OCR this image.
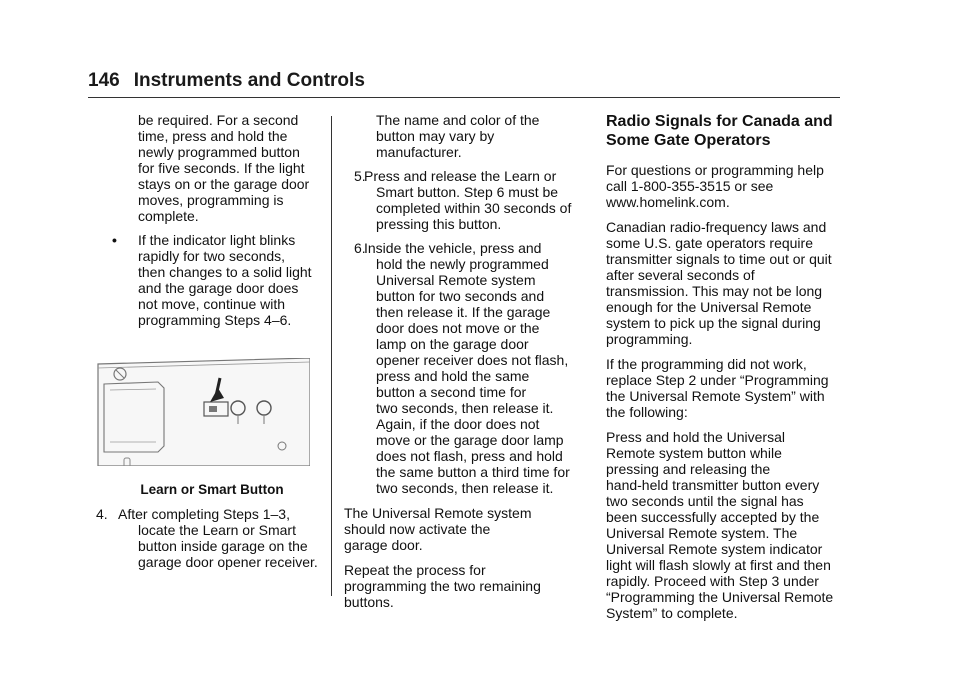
146 Instruments and Controls
be required. For a second
time, press and hold the
newly programmed button
for five seconds. If the light
stays on or the garage door
moves, programming is
complete.
• If the indicator light blinks
rapidly for two seconds,
then changes to a solid light
and the garage door does
not move, continue with
programming Steps 4–6.

Learn or Smart Button

4. After completing Steps 1–3,
locate the Learn or Smart
button inside garage on the
garage door opener receiver.
The name and color of the
button may vary by
manufacturer.
5.
Press and release the Learn or
Smart button. Step 6 must be
completed within 30 seconds of
pressing this button.
6.
Inside the vehicle, press and
hold the newly programmed
Universal Remote system
button for two seconds and
then release it. If the garage
door does not move or the
lamp on the garage door
opener receiver does not flash,
press and hold the same
button a second time for
two seconds, then release it.
Again, if the door does not
move or the garage door lamp
does not flash, press and hold
the same button a third time for
two seconds, then release it.

The Universal Remote system
should now activate the
garage door.

Repeat the process for
programming the two remaining
buttons.

Radio Signals for Canada and
Some Gate Operators

For questions or programming help
call 1-800-355-3515 or see
www.homelink.com.

Canadian radio-frequency laws and
some U.S. gate operators require
transmitter signals to time out or quit
after several seconds of
transmission. This may not be long
enough for the Universal Remote
system to pick up the signal during
programming.

If the programming did not work,
replace Step 2 under “Programming
the Universal Remote System” with
the following:

Press and hold the Universal
Remote system button while
pressing and releasing the
hand-held transmitter button every
two seconds until the signal has
been successfully accepted by the
Universal Remote system. The
Universal Remote system indicator
light will flash slowly at first and then
rapidly. Proceed with Step 3 under
“Programming the Universal Remote
System” to complete.
